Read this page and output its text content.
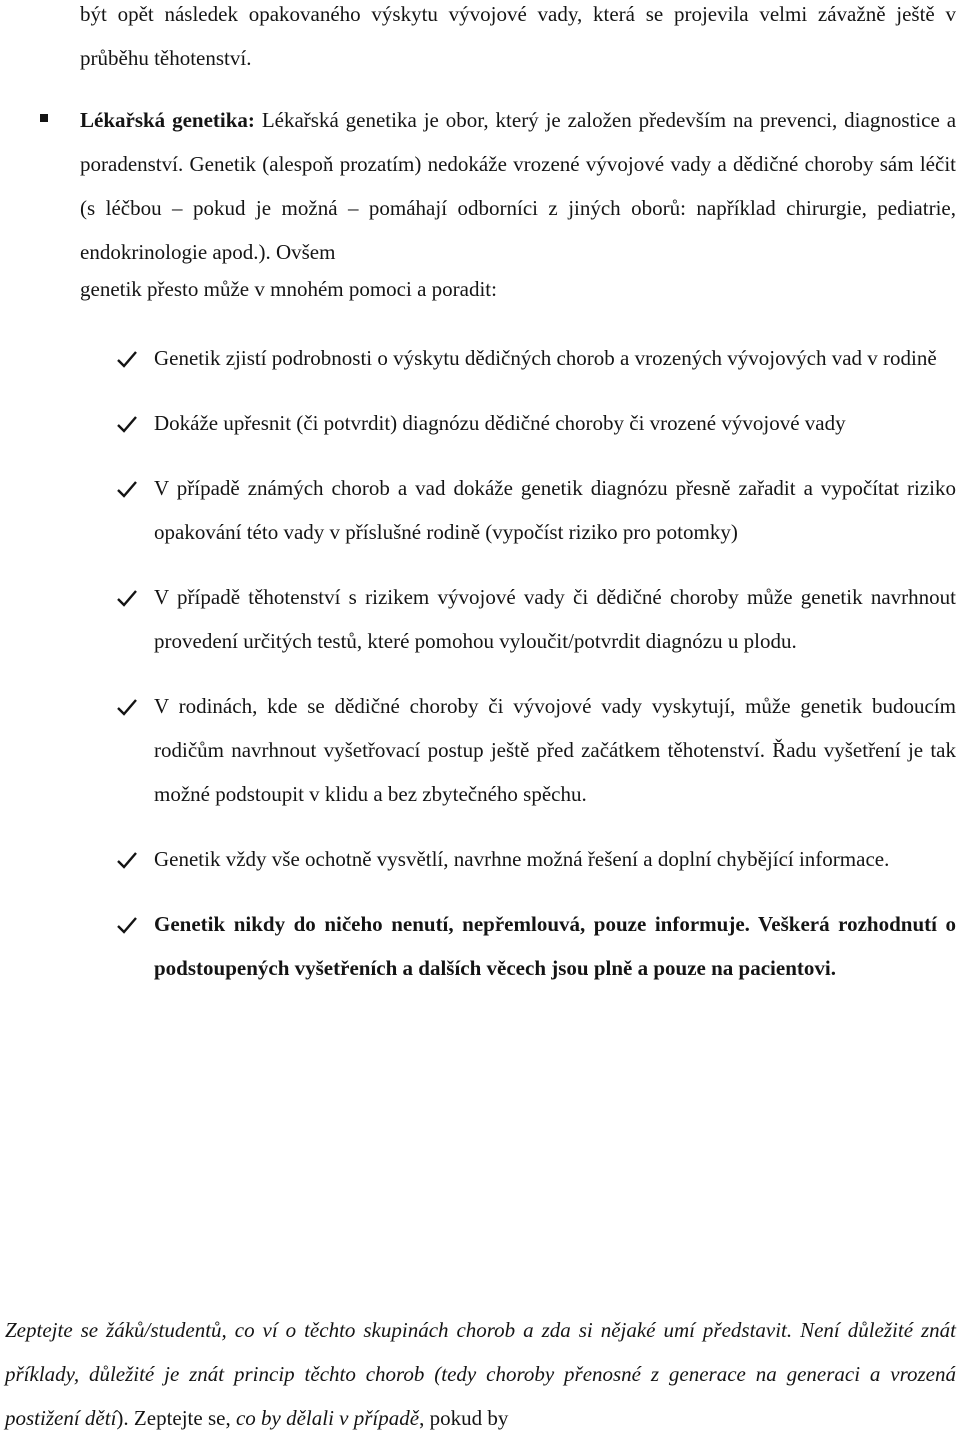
být opět následek opakovaného výskytu vývojové vady, která se projevila velmi závažně ještě v průběhu těhotenství.

Lékařská genetika: Lékařská genetika je obor, který je založen především na prevenci, diagnostice a poradenství. Genetik (alespoň prozatím) nedokáže vrozené vývojové vady a dědičné choroby sám léčit (s léčbou – pokud je možná – pomáhají odborníci z jiných oborů: například chirurgie, pediatrie, endokrinologie apod.). Ovšem

genetik přesto může v mnohém pomoci a poradit:

Genetik zjistí podrobnosti o výskytu dědičných chorob a vrozených vývojových vad v rodině

Dokáže upřesnit (či potvrdit) diagnózu dědičné choroby či vrozené vývojové vady

V případě známých chorob a vad dokáže genetik diagnózu přesně zařadit a vypočítat riziko opakování této vady v příslušné rodině (vypočíst riziko pro potomky)

V případě těhotenství s rizikem vývojové vady či dědičné choroby může genetik navrhnout provedení určitých testů, které pomohou vyloučit/potvrdit diagnózu u plodu.

V rodinách, kde se dědičné choroby či vývojové vady vyskytují, může genetik budoucím rodičům navrhnout vyšetřovací postup ještě před začátkem těhotenství. Řadu vyšetření je tak možné podstoupit v klidu a bez zbytečného spěchu.

Genetik vždy vše ochotně vysvětlí, navrhne možná řešení a doplní chybějící informace.

Genetik nikdy do ničeho nenutí, nepřemlouvá, pouze informuje. Veškerá rozhodnutí o podstoupených vyšetřeních a dalších věcech jsou plně a pouze na pacientovi.

Zeptejte se žáků/studentů, co ví o těchto skupinách chorob a zda si nějaké umí představit. Není důležité znát příklady, důležité je znát princip těchto chorob (tedy choroby přenosné z generace na generaci a vrozená postižení dětí). Zeptejte se, co by dělali v případě, pokud by
